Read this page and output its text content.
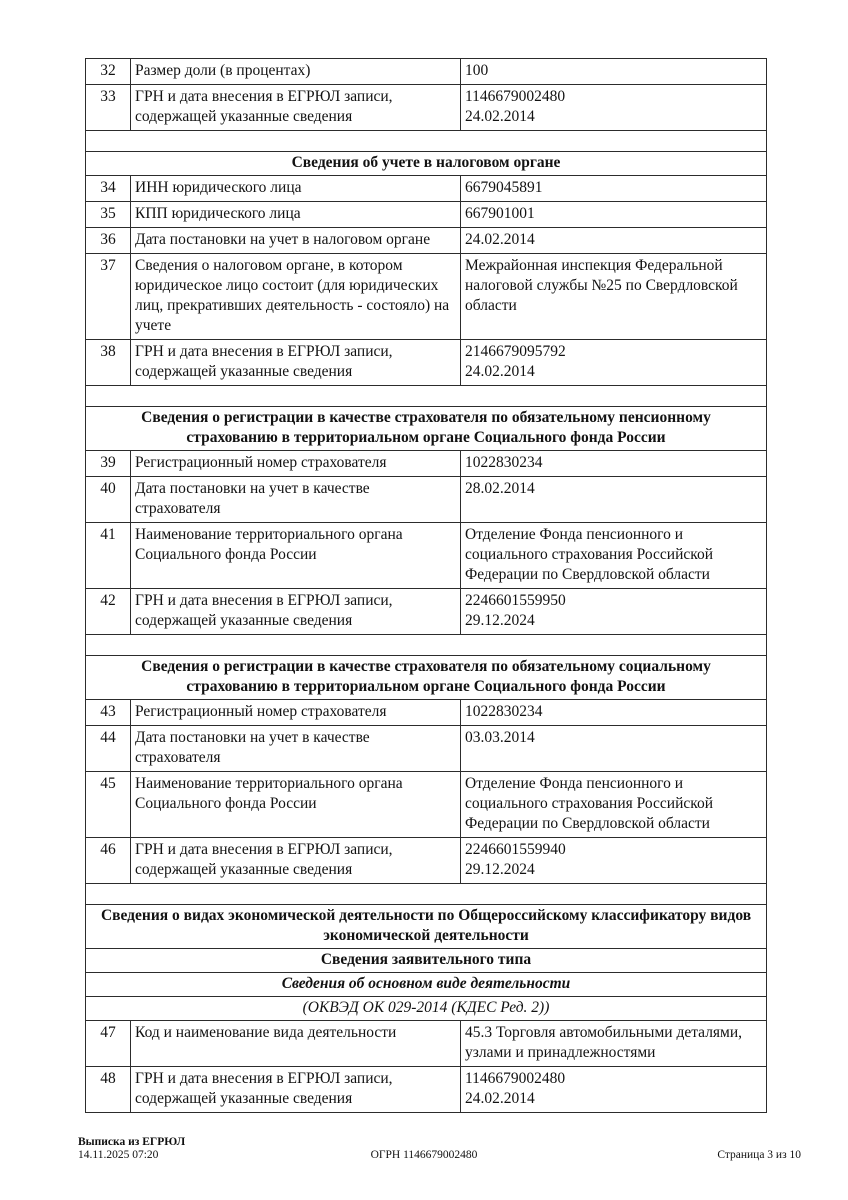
32	Размер доли (в процентах)	100
33	ГРН и дата внесения в ЕГРЮЛ записи, содержащей указанные сведения	1146679002480
24.02.2014

Сведения об учете в налоговом органе		
34	ИНН юридического лица	6679045891
35	КПП юридического лица	667901001
36	Дата постановки на учет в налоговом органе	24.02.2014
37	Сведения о налоговом органе, в котором юридическое лицо состоит (для юридических лиц, прекративших деятельность - состояло) на учете	Межрайонная инспекция Федеральной налоговой службы №25 по Свердловской области
38	ГРН и дата внесения в ЕГРЮЛ записи, содержащей указанные сведения	2146679095792
24.02.2014

Сведения о регистрации в качестве страхователя по обязательному пенсионному страхованию в территориальном органе Социального фонда России		
39	Регистрационный номер страхователя	1022830234
40	Дата постановки на учет в качестве страхователя	28.02.2014
41	Наименование территориального органа Социального фонда России	Отделение Фонда пенсионного и социального страхования Российской Федерации по Свердловской области
42	ГРН и дата внесения в ЕГРЮЛ записи, содержащей указанные сведения	2246601559950
29.12.2024

Сведения о регистрации в качестве страхователя по обязательному социальному страхованию в территориальном органе Социального фонда России		
43	Регистрационный номер страхователя	1022830234
44	Дата постановки на учет в качестве страхователя	03.03.2014
45	Наименование территориального органа Социального фонда России	Отделение Фонда пенсионного и социального страхования Российской Федерации по Свердловской области
46	ГРН и дата внесения в ЕГРЮЛ записи, содержащей указанные сведения	2246601559940
29.12.2024

Сведения о видах экономической деятельности по Общероссийскому классификатору видов экономической деятельности		
Сведения заявительного типа		
Сведения об основном виде деятельности		
(ОКВЭД ОК 029-2014 (КДЕС Ред. 2))		
47	Код и наименование вида деятельности	45.3 Торговля автомобильными деталями, узлами и принадлежностями
48	ГРН и дата внесения в ЕГРЮЛ записи, содержащей указанные сведения	1146679002480
24.02.2014
Выписка из ЕГРЮЛ
14.11.2025 07:20	ОГРН 1146679002480	Страница 3 из 10
